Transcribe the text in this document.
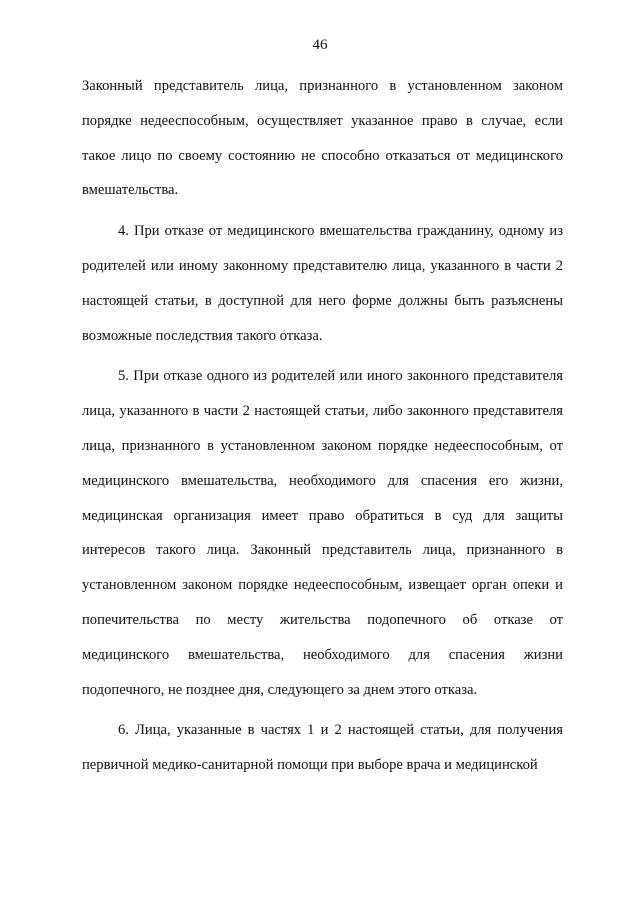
46

Законный представитель лица, признанного в установленном законом порядке недееспособным, осуществляет указанное право в случае, если такое лицо по своему состоянию не способно отказаться от медицинского вмешательства.

4. При отказе от медицинского вмешательства гражданину, одному из родителей или иному законному представителю лица, указанного в части 2 настоящей статьи, в доступной для него форме должны быть разъяснены возможные последствия такого отказа.

5. При отказе одного из родителей или иного законного представителя лица, указанного в части 2 настоящей статьи, либо законного представителя лица, признанного в установленном законом порядке недееспособным, от медицинского вмешательства, необходимого для спасения его жизни, медицинская организация имеет право обратиться в суд для защиты интересов такого лица. Законный представитель лица, признанного в установленном законом порядке недееспособным, извещает орган опеки и попечительства по месту жительства подопечного об отказе от медицинского вмешательства, необходимого для спасения жизни подопечного, не позднее дня, следующего за днем этого отказа.

6. Лица, указанные в частях 1 и 2 настоящей статьи, для получения первичной медико-санитарной помощи при выборе врача и медицинской
